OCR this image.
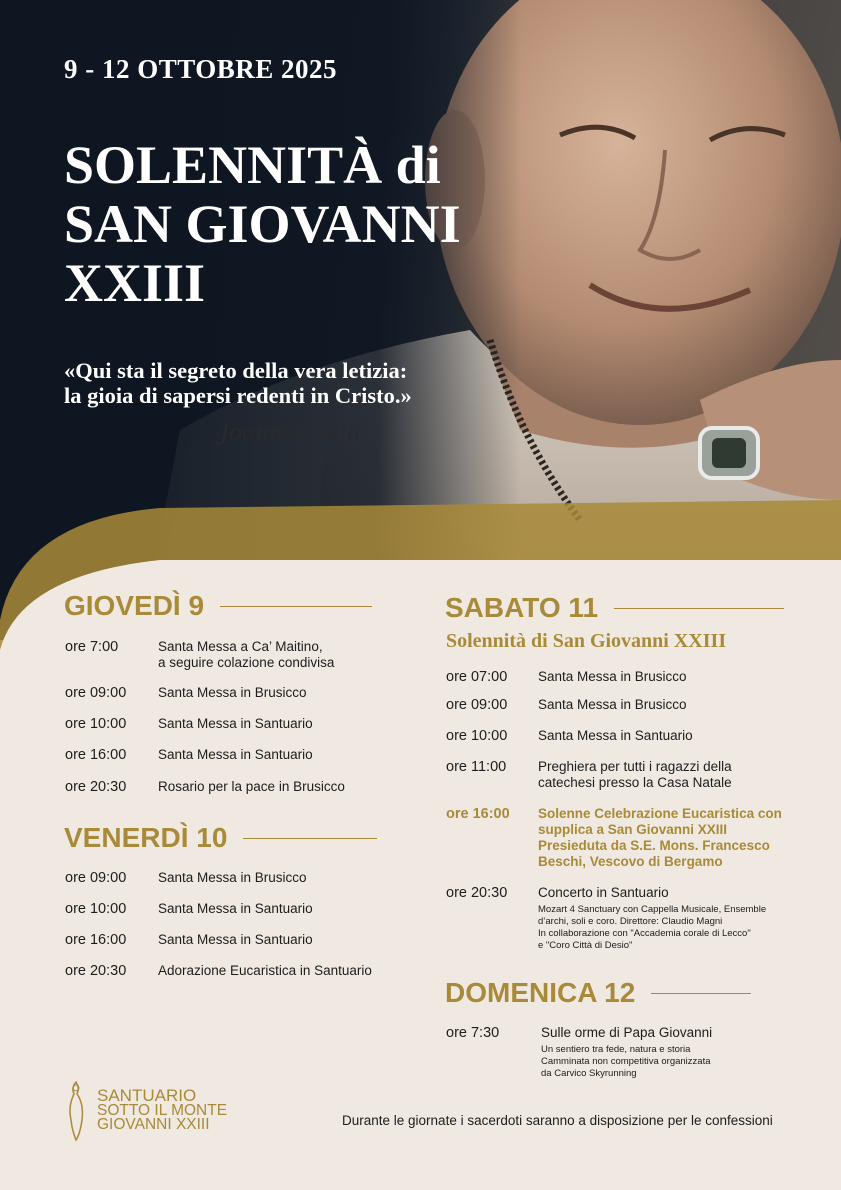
Joannes xxiii
9 - 12 OTTOBRE 2025
SOLENNITÀ di
SAN GIOVANNI
XXIII
«Qui sta il segreto della vera letizia:
la gioia di sapersi redenti in Cristo.»
GIOVEDÌ 9
ore 7:00	Santa Messa a Ca’ Maitino,
a seguire colazione condivisa
ore 09:00 Santa Messa in Brusicco
ore 10:00 Santa Messa in Santuario
ore 16:00 Santa Messa in Santuario
ore 20:30 Rosario per la pace in Brusicco
VENERDÌ 10
ore 09:00 Santa Messa in Brusicco
ore 10:00 Santa Messa in Santuario
ore 16:00 Santa Messa in Santuario
ore 20:30 Adorazione Eucaristica in Santuario
SABATO 11
Solennità di San Giovanni XXIII
ore 07:00 Santa Messa in Brusicco
ore 09:00 Santa Messa in Brusicco
ore 10:00 Santa Messa in Santuario
ore 11:00 Preghiera per tutti i ragazzi della
catechesi presso la Casa Natale
ore 16:00 Solenne Celebrazione Eucaristica con
supplica a San Giovanni XXIII
Presieduta da S.E. Mons. Francesco
Beschi, Vescovo di Bergamo
ore 20:30 Concerto in Santuario
Mozart 4 Sanctuary con Cappella Musicale, Ensemble
d’archi, soli e coro. Direttore: Claudio Magni
In collaborazione con "Accademia corale di Lecco"
e "Coro Città di Desio"
DOMENICA 12
ore 7:30	Sulle orme di Papa Giovanni
Un sentiero tra fede, natura e storia
Camminata non competitiva organizzata
da Carvico Skyrunning
SANTUARIO
SOTTO IL MONTE
GIOVANNI XXIII	Durante le giornate i sacerdoti saranno a disposizione per le confessioni
